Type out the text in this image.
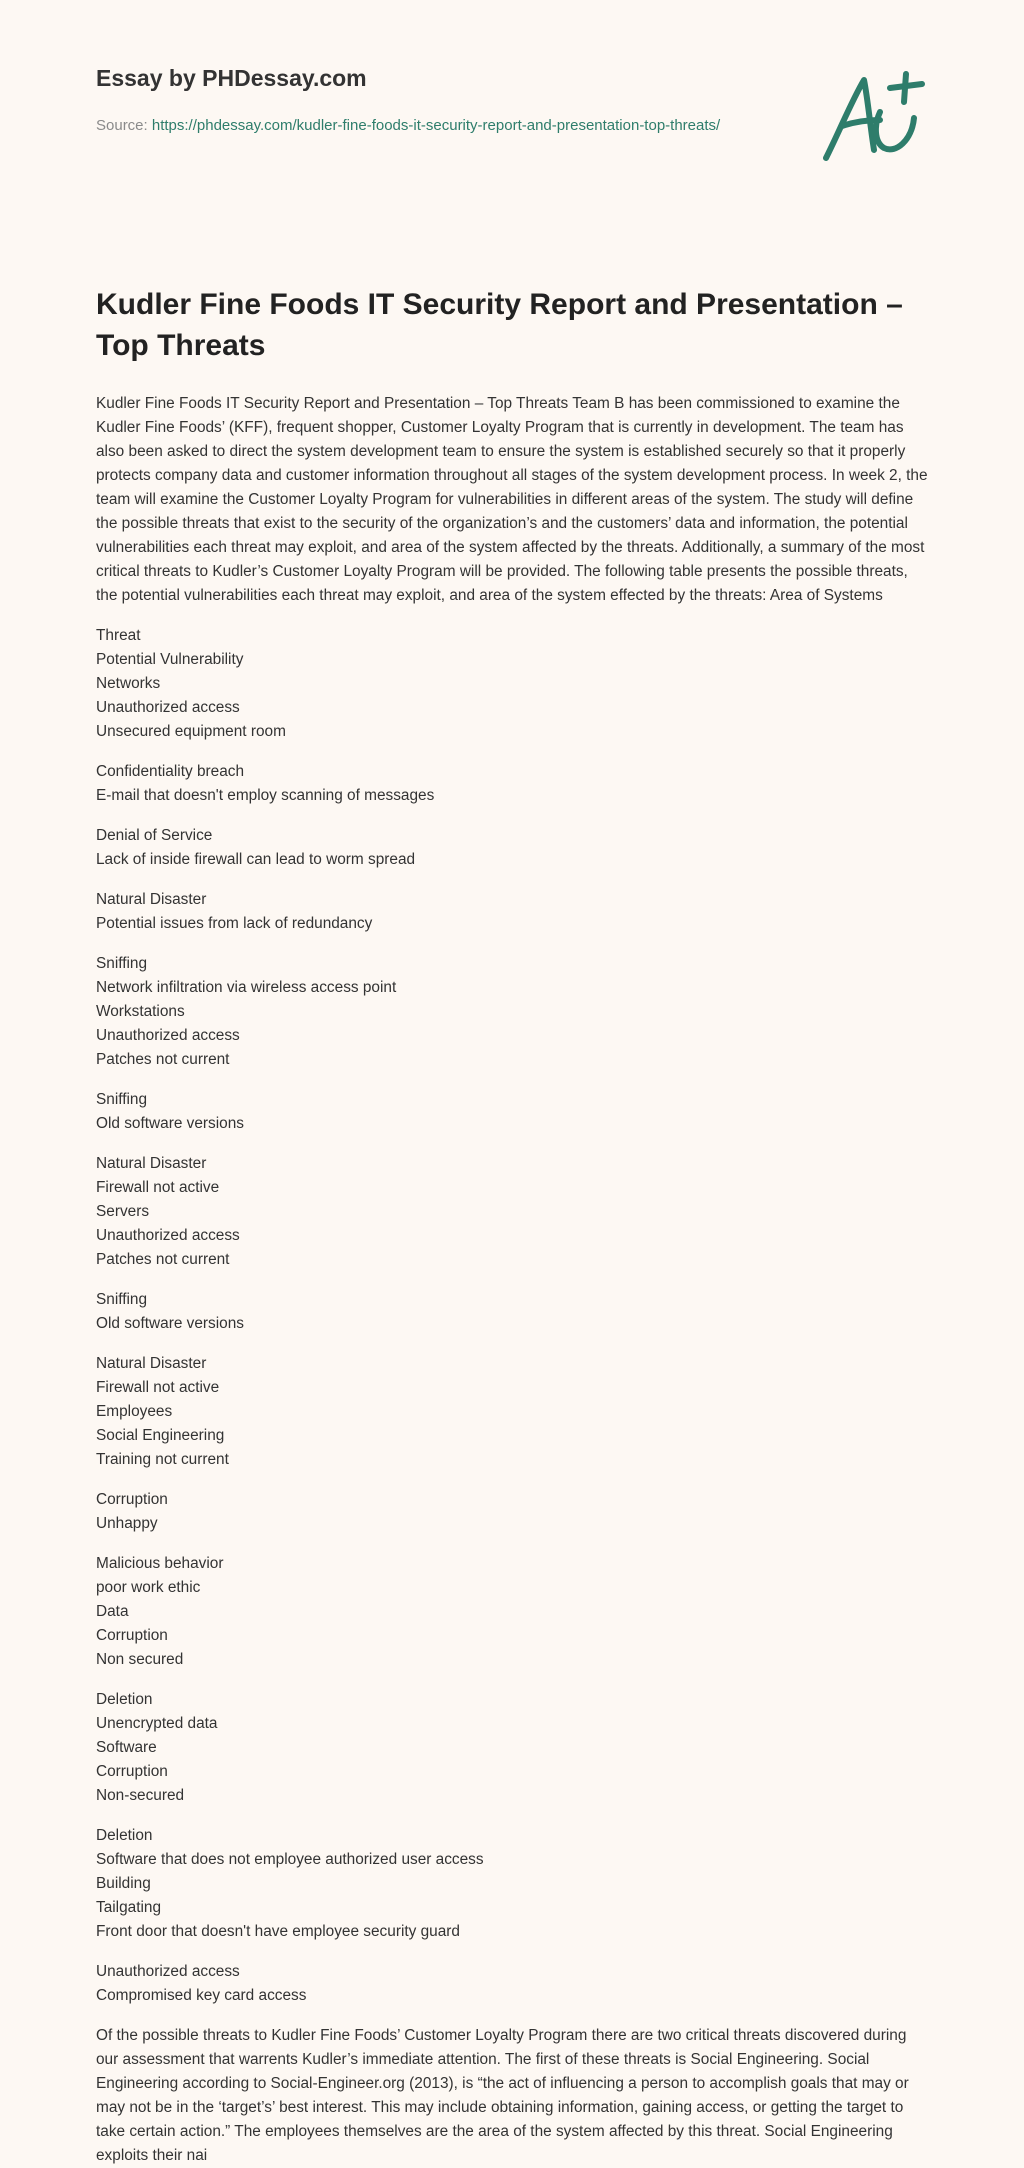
Essay by PHDessay.com
Source: https://phdessay.com/kudler-fine-foods-it-security-report-and-presentation-top-threats/
Kudler Fine Foods IT Security Report and Presentation – Top Threats

Kudler Fine Foods IT Security Report and Presentation – Top Threats Team B has been commissioned to examine the Kudler Fine Foods’ (KFF), frequent shopper, Customer Loyalty Program that is currently in development. The team has also been asked to direct the system development team to ensure the system is established securely so that it properly protects company data and customer information throughout all stages of the system development process. In week 2, the team will examine the Customer Loyalty Program for vulnerabilities in different areas of the system. The study will define the possible threats that exist to the security of the organization’s and the customers’ data and information, the potential vulnerabilities each threat may exploit, and area of the system affected by the threats. Additionally, a summary of the most critical threats to Kudler’s Customer Loyalty Program will be provided. The following table presents the possible threats, the potential vulnerabilities each threat may exploit, and area of the system effected by the threats: Area of Systems

Threat
Potential Vulnerability
Networks
Unauthorized access
Unsecured equipment room
Confidentiality breach
E-mail that doesn't employ scanning of messages
Denial of Service
Lack of inside firewall can lead to worm spread
Natural Disaster
Potential issues from lack of redundancy
Sniffing
Network infiltration via wireless access point
Workstations
Unauthorized access
Patches not current
Sniffing
Old software versions
Natural Disaster
Firewall not active
Servers
Unauthorized access
Patches not current
Sniffing
Old software versions
Natural Disaster
Firewall not active
Employees
Social Engineering
Training not current
Corruption
Unhappy
Malicious behavior
poor work ethic
Data
Corruption
Non secured
Deletion
Unencrypted data
Software
Corruption
Non-secured
Deletion
Software that does not employee authorized user access
Building
Tailgating
Front door that doesn't have employee security guard
Unauthorized access
Compromised key card access

Of the possible threats to Kudler Fine Foods’ Customer Loyalty Program there are two critical threats discovered during our assessment that warrents Kudler’s immediate attention. The first of these threats is Social Engineering. Social Engineering according to Social-Engineer.org (2013), is “the act of influencing a person to accomplish goals that may or may not be in the ‘target’s’ best interest. This may include obtaining information, gaining access, or getting the target to take certain action.” The employees themselves are the area of the system affected by this threat. Social Engineering exploits their nai
